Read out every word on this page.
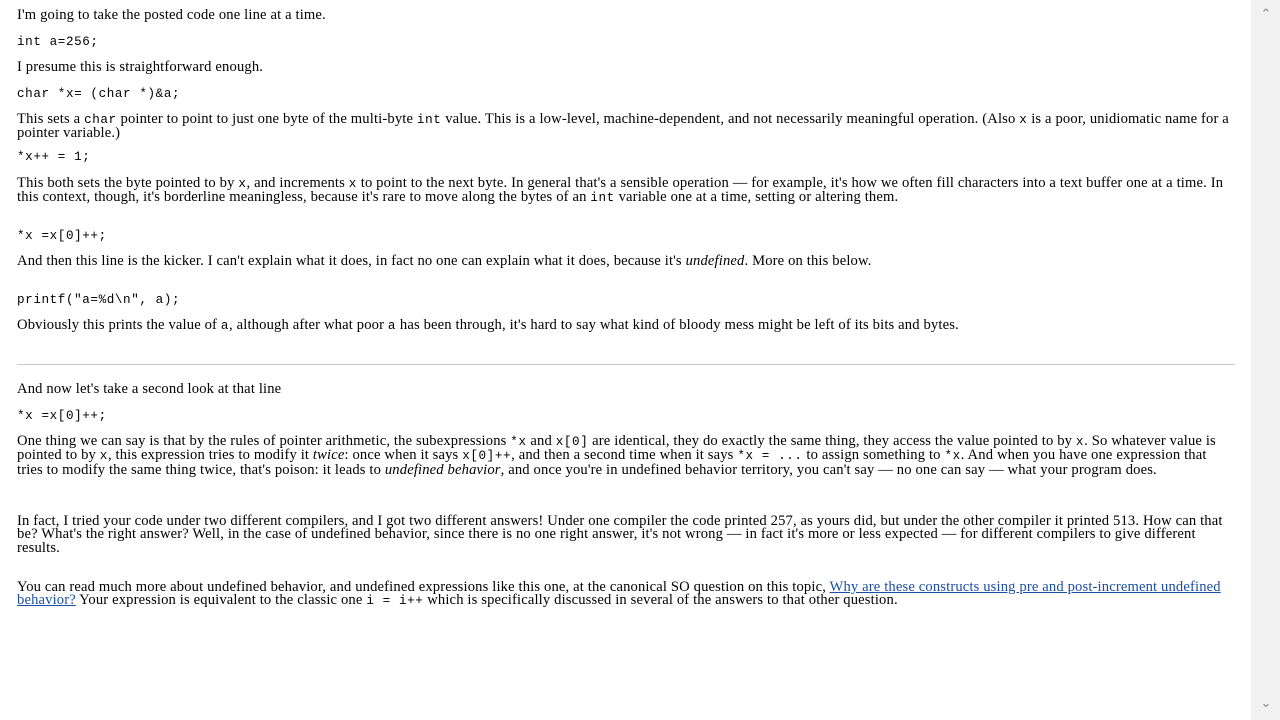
I'm going to take the posted code one line at a time.

int a=256;

I presume this is straightforward enough.

char *x= (char *)&a;

This sets a char pointer to point to just one byte of the multi-byte int value. This is a low-level, machine-dependent, and not necessarily meaningful operation. (Also x is a poor, unidiomatic name for a pointer variable.)

*x++ = 1;

This both sets the byte pointed to by x, and increments x to point to the next byte. In general that's a sensible operation — for example, it's how we often fill characters into a text buffer one at a time. In this context, though, it's borderline meaningless, because it's rare to move along the bytes of an int variable one at a time, setting or altering them.

*x =x[0]++;

And then this line is the kicker. I can't explain what it does, in fact no one can explain what it does, because it's undefined. More on this below.

printf("a=%d\n", a);

Obviously this prints the value of a, although after what poor a has been through, it's hard to say what kind of bloody mess might be left of its bits and bytes.

And now let's take a second look at that line

*x =x[0]++;

One thing we can say is that by the rules of pointer arithmetic, the subexpressions *x and x[0] are identical, they do exactly the same thing, they access the value pointed to by x. So whatever value is pointed to by x, this expression tries to modify it twice: once when it says x[0]++, and then a second time when it says *x = ... to assign something to *x. And when you have one expression that tries to modify the same thing twice, that's poison: it leads to undefined behavior, and once you're in undefined behavior territory, you can't say — no one can say — what your program does.

In fact, I tried your code under two different compilers, and I got two different answers! Under one compiler the code printed 257, as yours did, but under the other compiler it printed 513. How can that be? What's the right answer? Well, in the case of undefined behavior, since there is no one right answer, it's not wrong — in fact it's more or less expected — for different compilers to give different results.

You can read much more about undefined behavior, and undefined expressions like this one, at the canonical SO question on this topic, Why are these constructs using pre and post-increment undefined behavior? Your expression is equivalent to the classic one i = i++ which is specifically discussed in several of the answers to that other question.

⌃
⌄
